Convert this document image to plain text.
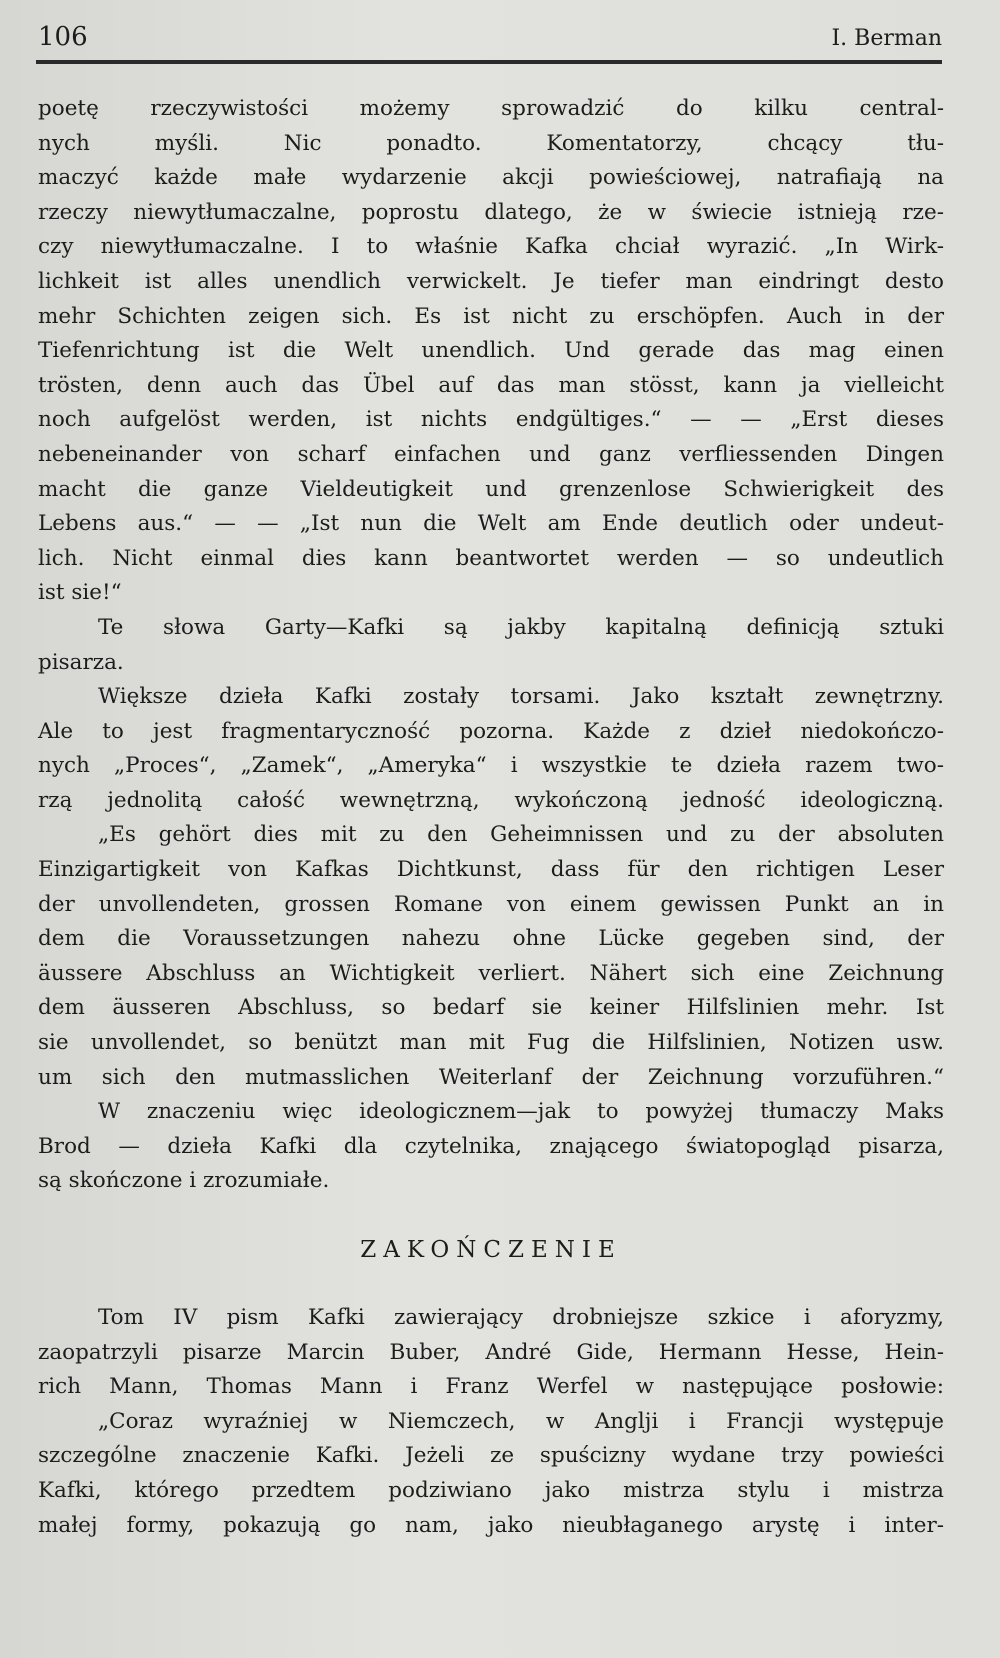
106	I. Berman
poetę rzeczywistości możemy sprowadzić do kilku central-
nych myśli. Nic ponadto. Komentatorzy, chcący tłu-
maczyć każde małe wydarzenie akcji powieściowej, natrafiają na
rzeczy niewytłumaczalne, poprostu dlatego, że w świecie istnieją rze-
czy niewytłumaczalne. I to właśnie Kafka chciał wyrazić. „In Wirk-
lichkeit ist alles unendlich verwickelt. Je tiefer man eindringt desto
mehr Schichten zeigen sich. Es ist nicht zu erschöpfen. Auch in der
Tiefenrichtung ist die Welt unendlich. Und gerade das mag einen
trösten, denn auch das Übel auf das man stösst, kann ja vielleicht
noch aufgelöst werden, ist nichts endgültiges.“ — — „Erst dieses
nebeneinander von scharf einfachen und ganz verfliessenden Dingen
macht die ganze Vieldeutigkeit und grenzenlose Schwierigkeit des
Lebens aus.“ — — „Ist nun die Welt am Ende deutlich oder undeut-
lich. Nicht einmal dies kann beantwortet werden — so undeutlich
ist sie!“
Te słowa Garty—Kafki są jakby kapitalną definicją sztuki
pisarza.
Większe dzieła Kafki zostały torsami. Jako kształt zewnętrzny.
Ale to jest fragmentaryczność pozorna. Każde z dzieł niedokończo-
nych „Proces“, „Zamek“, „Ameryka“ i wszystkie te dzieła razem two-
rzą jednolitą całość wewnętrzną, wykończoną jedność ideologiczną.
„Es gehört dies mit zu den Geheimnissen und zu der absoluten
Einzigartigkeit von Kafkas Dichtkunst, dass für den richtigen Leser
der unvollendeten, grossen Romane von einem gewissen Punkt an in
dem die Voraussetzungen nahezu ohne Lücke gegeben sind, der
äussere Abschluss an Wichtigkeit verliert. Nähert sich eine Zeichnung
dem äusseren Abschluss, so bedarf sie keiner Hilfslinien mehr. Ist
sie unvollendet, so benützt man mit Fug die Hilfslinien, Notizen usw.
um sich den mutmasslichen Weiterlanf der Zeichnung vorzuführen.“
W znaczeniu więc ideologicznem—jak to powyżej tłumaczy Maks
Brod — dzieła Kafki dla czytelnika, znającego światopogląd pisarza,
są skończone i zrozumiałe.
ZAKOŃCZENIE
Tom IV pism Kafki zawierający drobniejsze szkice i aforyzmy,
zaopatrzyli pisarze Marcin Buber, André Gide, Hermann Hesse, Hein-
rich Mann, Thomas Mann i Franz Werfel w następujące posłowie:
„Coraz wyraźniej w Niemczech, w Anglji i Francji występuje
szczególne znaczenie Kafki. Jeżeli ze spuścizny wydane trzy powieści
Kafki, którego przedtem podziwiano jako mistrza stylu i mistrza
małej formy, pokazują go nam, jako nieubłaganego arystę i inter-
